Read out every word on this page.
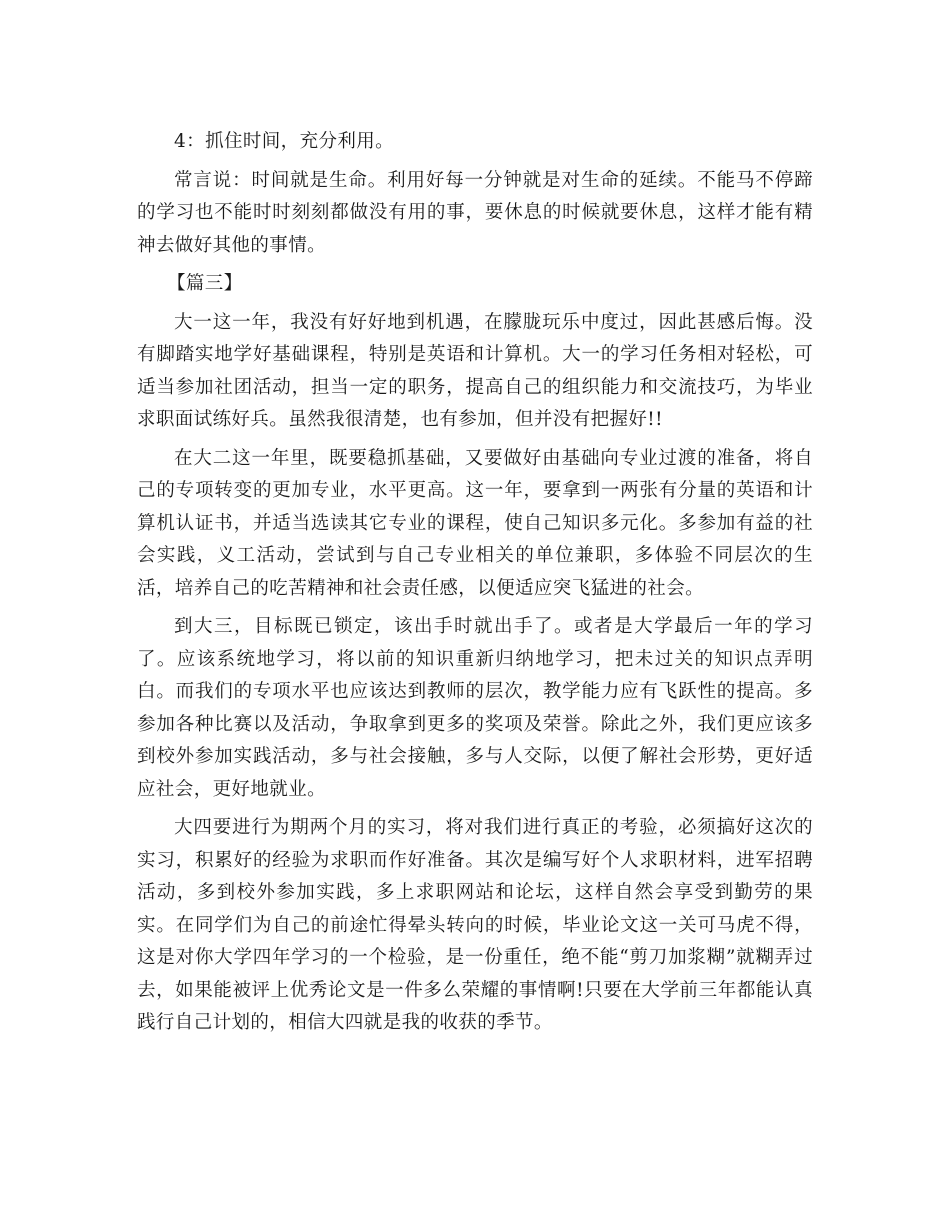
4：抓住时间，充分利用。

常言说：时间就是生命。利用好每一分钟就是对生命的延续。不能马不停蹄的学习也不能时时刻刻都做没有用的事，要休息的时候就要休息，这样才能有精神去做好其他的事情。

【篇三】

大一这一年，我没有好好地到机遇，在朦胧玩乐中度过，因此甚感后悔。没有脚踏实地学好基础课程，特别是英语和计算机。大一的学习任务相对轻松，可适当参加社团活动，担当一定的职务，提高自己的组织能力和交流技巧，为毕业求职面试练好兵。虽然我很清楚，也有参加，但并没有把握好!!

在大二这一年里，既要稳抓基础，又要做好由基础向专业过渡的准备，将自己的专项转变的更加专业，水平更高。这一年，要拿到一两张有分量的英语和计算机认证书，并适当选读其它专业的课程，使自己知识多元化。多参加有益的社会实践，义工活动，尝试到与自己专业相关的单位兼职，多体验不同层次的生活，培养自己的吃苦精神和社会责任感，以便适应突飞猛进的社会。

到大三，目标既已锁定，该出手时就出手了。或者是大学最后一年的学习了。应该系统地学习，将以前的知识重新归纳地学习，把未过关的知识点弄明白。而我们的专项水平也应该达到教师的层次，教学能力应有飞跃性的提高。多参加各种比赛以及活动，争取拿到更多的奖项及荣誉。除此之外，我们更应该多到校外参加实践活动，多与社会接触，多与人交际，以便了解社会形势，更好适应社会，更好地就业。

大四要进行为期两个月的实习，将对我们进行真正的考验，必须搞好这次的实习，积累好的经验为求职而作好准备。其次是编写好个人求职材料，进军招聘活动，多到校外参加实践，多上求职网站和论坛，这样自然会享受到勤劳的果实。在同学们为自己的前途忙得晕头转向的时候，毕业论文这一关可马虎不得，这是对你大学四年学习的一个检验，是一份重任，绝不能“剪刀加浆糊”就糊弄过去，如果能被评上优秀论文是一件多么荣耀的事情啊!只要在大学前三年都能认真践行自己计划的，相信大四就是我的收获的季节。
